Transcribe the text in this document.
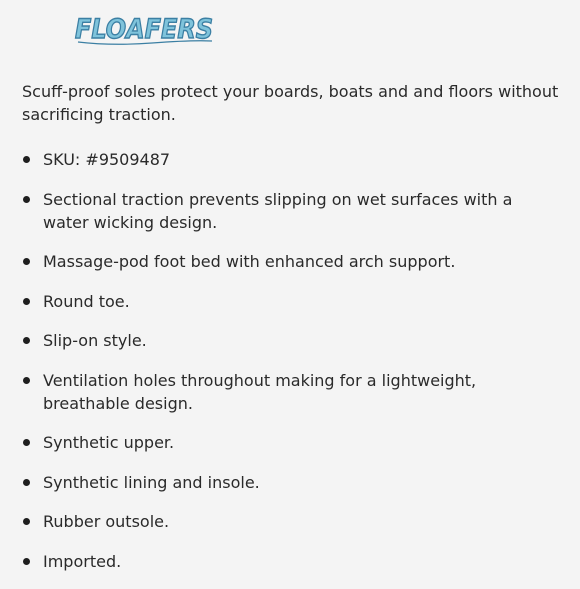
FLOAFERS

Scuff-proof soles protect your boards, boats and and floors without sacrificing traction.

SKU: #9509487
Sectional traction prevents slipping on wet surfaces with a water wicking design.
Massage-pod foot bed with enhanced arch support.
Round toe.
Slip-on style.
Ventilation holes throughout making for a lightweight, breathable design.
Synthetic upper.
Synthetic lining and insole.
Rubber outsole.
Imported.
